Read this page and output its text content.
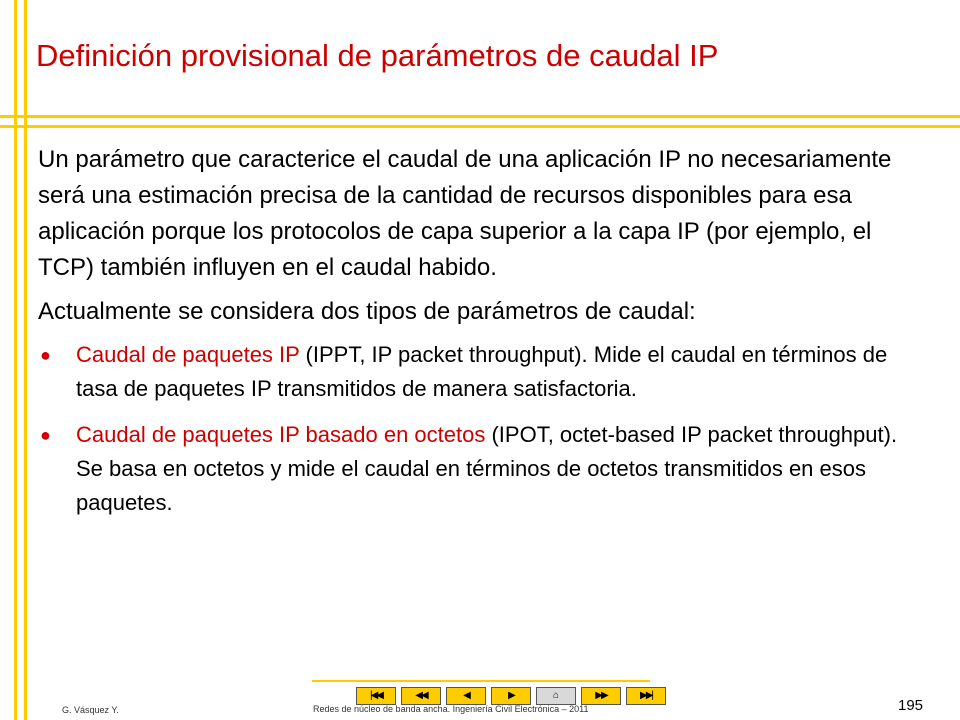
Definición provisional de parámetros de caudal IP

Un parámetro que caracterice el caudal de una aplicación IP no necesariamente será una estimación precisa de la cantidad de recursos disponibles para esa aplicación porque los protocolos de capa superior a la capa IP (por ejemplo, el TCP) también influyen en el caudal habido.

Actualmente se considera dos tipos de parámetros de caudal:

● Caudal de paquetes IP (IPPT, IP packet throughput). Mide el caudal en términos de tasa de paquetes IP transmitidos de manera satisfactoria.
● Caudal de paquetes IP basado en octetos (IPOT, octet-based IP packet throughput). Se basa en octetos y mide el caudal en términos de octetos transmitidos en esos paquetes.
|◀◀	◀◀	◀	▶	⌂	▶▶	▶▶|
G. Vásquez Y.	Redes de núcleo de banda ancha. Ingeniería Civil Electrónica – 2011	195
